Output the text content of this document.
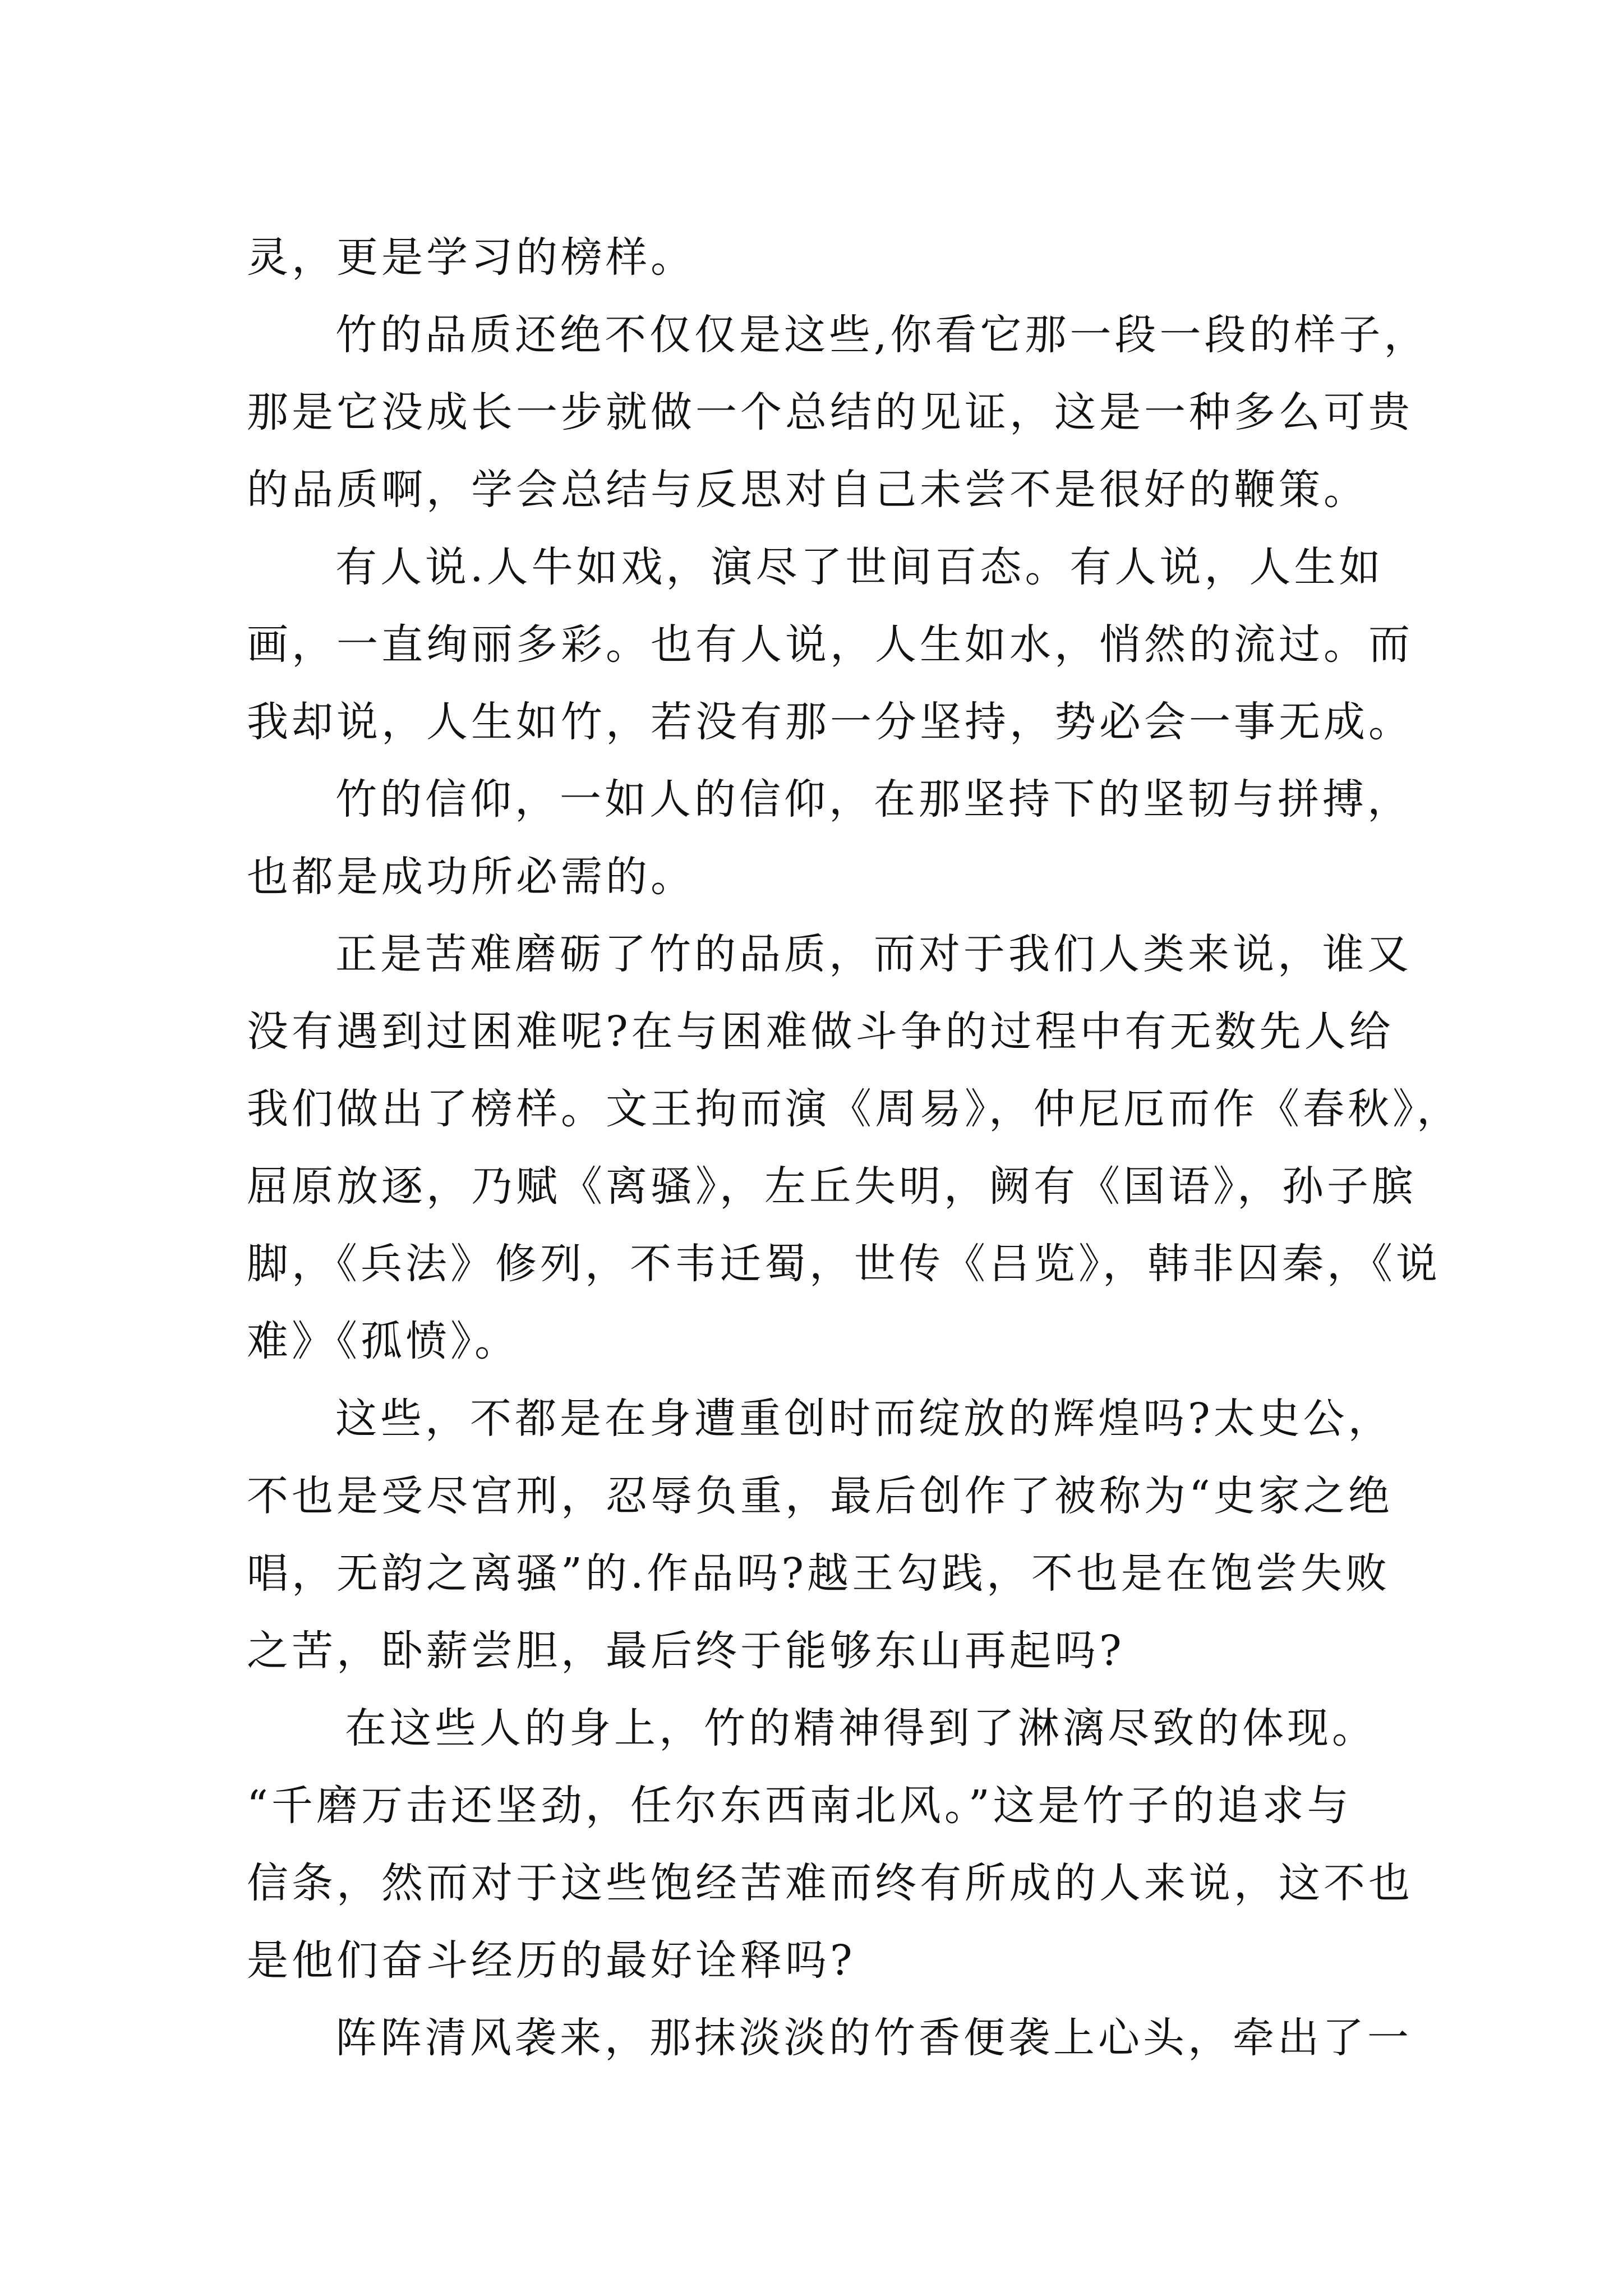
灵，更是学习的榜样。
竹的品质还绝不仅仅是这些,你看它那一段一段的样子，
那是它没成长一步就做一个总结的见证，这是一种多么可贵
的品质啊，学会总结与反思对自己未尝不是很好的鞭策。
有人说.人牛如戏，演尽了世间百态。有人说，人生如
画，一直绚丽多彩。也有人说，人生如水，悄然的流过。而
我却说，人生如竹，若没有那一分坚持，势必会一事无成。
竹的信仰，一如人的信仰，在那坚持下的坚韧与拼搏，
也都是成功所必需的。
正是苦难磨砺了竹的品质，而对于我们人类来说，谁又
没有遇到过困难呢?在与困难做斗争的过程中有无数先人给
我们做出了榜样。文王拘而演《周易》，仲尼厄而作《春秋》，
屈原放逐，乃赋《离骚》，左丘失明，阙有《国语》，孙子膑
脚，《兵法》修列，不韦迁蜀，世传《吕览》，韩非囚秦，《说
难》《孤愤》。
这些，不都是在身遭重创时而绽放的辉煌吗?太史公，
不也是受尽宫刑，忍辱负重，最后创作了被称为“史家之绝
唱，无韵之离骚”的.作品吗?越王勾践，不也是在饱尝失败
之苦，卧薪尝胆，最后终于能够东山再起吗?
在这些人的身上，竹的精神得到了淋漓尽致的体现。
“千磨万击还坚劲，任尔东西南北风。”这是竹子的追求与
信条，然而对于这些饱经苦难而终有所成的人来说，这不也
是他们奋斗经历的最好诠释吗?
阵阵清风袭来，那抹淡淡的竹香便袭上心头，牵出了一
